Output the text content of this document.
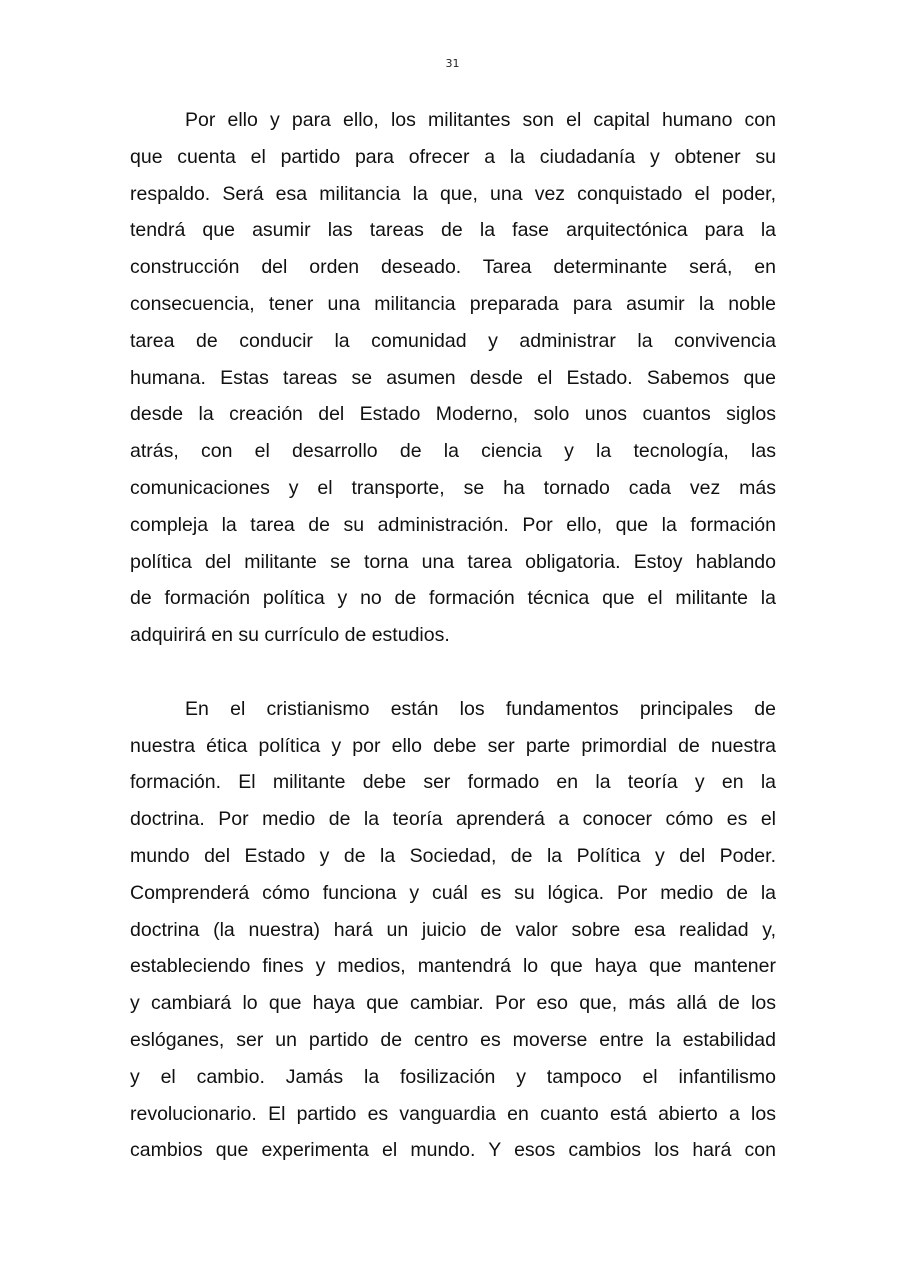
31
Por ello y para ello, los militantes son el capital humano con
que cuenta el partido para ofrecer a la ciudadanía y obtener su
respaldo. Será esa militancia la que, una vez conquistado el poder,
tendrá que asumir las tareas de la fase arquitectónica para la
construcción del orden deseado. Tarea determinante será, en
consecuencia, tener una militancia preparada para asumir la noble
tarea de conducir la comunidad y administrar la convivencia
humana. Estas tareas se asumen desde el Estado. Sabemos que
desde la creación del Estado Moderno, solo unos cuantos siglos
atrás, con el desarrollo de la ciencia y la tecnología, las
comunicaciones y el transporte, se ha tornado cada vez más
compleja la tarea de su administración. Por ello, que la formación
política del militante se torna una tarea obligatoria. Estoy hablando
de formación política y no de formación técnica que el militante la
adquirirá en su currículo de estudios.
En el cristianismo están los fundamentos principales de
nuestra ética política y por ello debe ser parte primordial de nuestra
formación. El militante debe ser formado en la teoría y en la
doctrina. Por medio de la teoría aprenderá a conocer cómo es el
mundo del Estado y de la Sociedad, de la Política y del Poder.
Comprenderá cómo funciona y cuál es su lógica. Por medio de la
doctrina (la nuestra) hará un juicio de valor sobre esa realidad y,
estableciendo fines y medios, mantendrá lo que haya que mantener
y cambiará lo que haya que cambiar. Por eso que, más allá de los
eslóganes, ser un partido de centro es moverse entre la estabilidad
y el cambio. Jamás la fosilización y tampoco el infantilismo
revolucionario. El partido es vanguardia en cuanto está abierto a los
cambios que experimenta el mundo. Y esos cambios los hará con
